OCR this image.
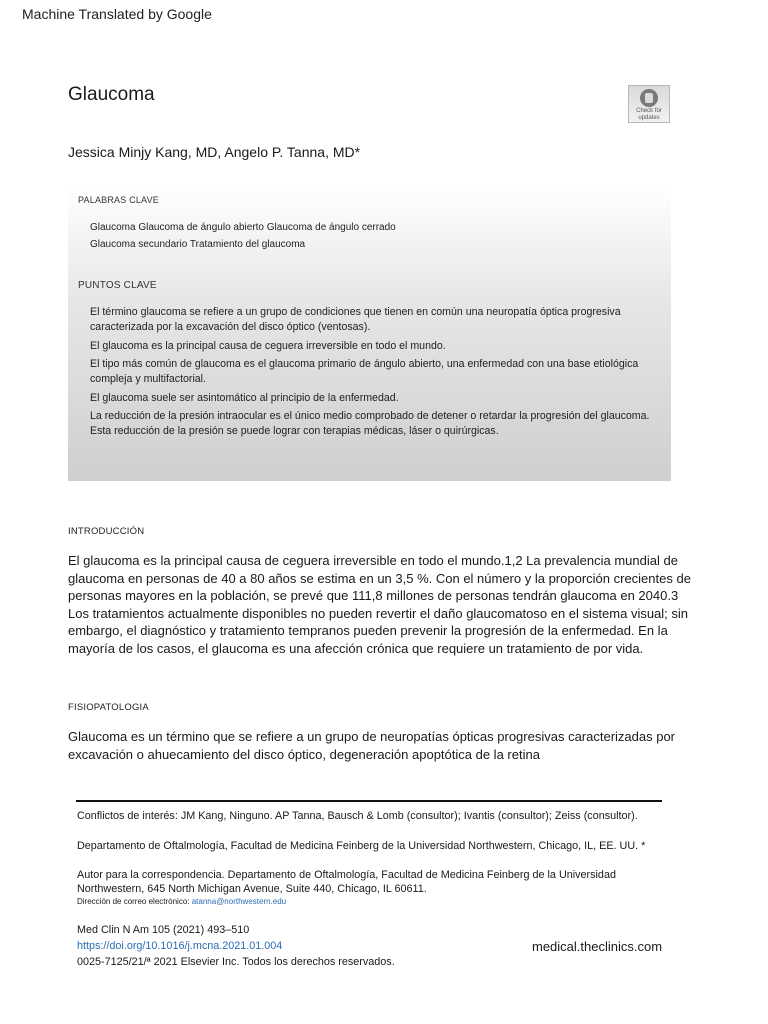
Machine Translated by Google
Glaucoma
Check for
updates
Jessica Minjy Kang, MD, Angelo P. Tanna, MD*
PALABRAS CLAVE
Glaucoma Glaucoma de ángulo abierto Glaucoma de ángulo cerrado
Glaucoma secundario Tratamiento del glaucoma
PUNTOS CLAVE

El término glaucoma se refiere a un grupo de condiciones que tienen en común una neuropatía óptica progresiva caracterizada por la excavación del disco óptico (ventosas).

El glaucoma es la principal causa de ceguera irreversible en todo el mundo.

El tipo más común de glaucoma es el glaucoma primario de ángulo abierto, una enfermedad con una base etiológica compleja y multifactorial.

El glaucoma suele ser asintomático al principio de la enfermedad.

La reducción de la presión intraocular es el único medio comprobado de detener o retardar la progresión del glaucoma. Esta reducción de la presión se puede lograr con terapias médicas, láser o quirúrgicas.

INTRODUCCIÓN
El glaucoma es la principal causa de ceguera irreversible en todo el mundo.1,2 La prevalencia mundial de glaucoma en personas de 40 a 80 años se estima en un 3,5 %. Con el número y la proporción crecientes de personas mayores en la población, se prevé que 111,8 millones de personas tendrán glaucoma en 2040.3 Los tratamientos actualmente disponibles no pueden revertir el daño glaucomatoso en el sistema visual; sin embargo, el diagnóstico y tratamiento tempranos pueden prevenir la progresión de la enfermedad. En la mayoría de los casos, el glaucoma es una afección crónica que requiere un tratamiento de por vida.
FISIOPATOLOGIA
Glaucoma es un término que se refiere a un grupo de neuropatías ópticas progresivas caracterizadas por excavación o ahuecamiento del disco óptico, degeneración apoptótica de la retina
Conflictos de interés: JM Kang, Ninguno. AP Tanna, Bausch & Lomb (consultor); Ivantis (consultor); Zeiss (consultor).
Departamento de Oftalmología, Facultad de Medicina Feinberg de la Universidad Northwestern, Chicago, IL, EE. UU. *
Autor para la correspondencia. Departamento de Oftalmología, Facultad de Medicina Feinberg de la Universidad Northwestern, 645 North Michigan Avenue, Suite 440, Chicago, IL 60611.
Dirección de correo electrónico: atanna@northwestern.edu
Med Clin N Am 105 (2021) 493–510
https://doi.org/10.1016/j.mcna.2021.01.004
0025-7125/21/ª 2021 Elsevier Inc. Todos los derechos reservados.
medical.theclinics.com
